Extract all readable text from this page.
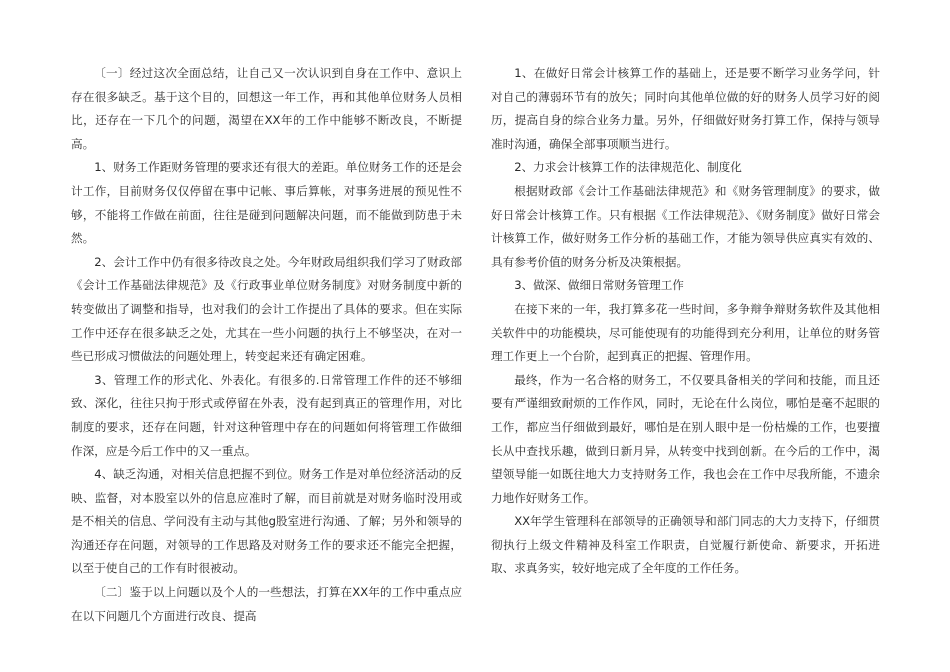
〔一〕经过这次全面总结，让自己又一次认识到自身在工作中、意识上存在很多缺乏。基于这个目的，回想这一年工作，再和其他单位财务人员相比，还存在一下几个的问题，渴望在XX年的工作中能够不断改良，不断提高。

1、财务工作距财务管理的要求还有很大的差距。单位财务工作的还是会计工作，目前财务仅仅停留在事中记帐、事后算帐，对事务进展的预见性不够，不能将工作做在前面，往往是碰到问题解决问题，而不能做到防患于未然。

2、会计工作中仍有很多待改良之处。今年财政局组织我们学习了财政部《会计工作基础法律规范》及《行政事业单位财务制度》对财务制度中新的转变做出了调整和指导，也对我们的会计工作提出了具体的要求。但在实际工作中还存在很多缺乏之处，尤其在一些小问题的执行上不够坚决，在对一些已形成习惯做法的问题处理上，转变起来还有确定困难。

3、管理工作的形式化、外表化。有很多的.日常管理工作件的还不够细致、深化，往往只拘于形式或停留在外表，没有起到真正的管理作用，对比制度的要求，还存在问题，针对这种管理中存在的问题如何将管理工作做细作深，应是今后工作中的又一重点。

4、缺乏沟通，对相关信息把握不到位。财务工作是对单位经济活动的反映、监督，对本股室以外的信息应准时了解，而目前就是对财务临时没用或是不相关的信息、学问没有主动与其他g股室进行沟通、了解；另外和领导的沟通还存在问题，对领导的工作思路及对财务工作的要求还不能完全把握，以至于使自己的工作有时很被动。

〔二〕鉴于以上问题以及个人的一些想法，打算在XX年的工作中重点应在以下问题几个方面进行改良、提高

1、在做好日常会计核算工作的基础上，还是要不断学习业务学问，针对自己的薄弱环节有的放矢；同时向其他单位做的好的财务人员学习好的阅历，提高自身的综合业务力量。另外，仔细做好财务打算工作，保持与领导准时沟通，确保全部事项顺当进行。

2、力求会计核算工作的法律规范化、制度化

根据财政部《会计工作基础法律规范》和《财务管理制度》的要求，做好日常会计核算工作。只有根据《工作法律规范》、《财务制度》做好日常会计核算工作，做好财务工作分析的基础工作，才能为领导供应真实有效的、具有参考价值的财务分析及决策根据。

3、做深、做细日常财务管理工作

在接下来的一年，我打算多花一些时间，多争辩争辩财务软件及其他相关软件中的功能模块，尽可能使现有的功能得到充分利用，让单位的财务管理工作更上一个台阶，起到真正的把握、管理作用。

最终，作为一名合格的财务工，不仅要具备相关的学问和技能，而且还要有严谨细致耐烦的工作作风，同时，无论在什么岗位，哪怕是毫不起眼的工作，都应当仔细做到最好，哪怕是在别人眼中是一份枯燥的工作，也要擅长从中查找乐趣，做到日新月异，从转变中找到创新。在今后的工作中，渴望领导能一如既往地大力支持财务工作，我也会在工作中尽我所能，不遗余力地作好财务工作。

XX年学生管理科在部领导的正确领导和部门同志的大力支持下，仔细贯彻执行上级文件精神及科室工作职责，自觉履行新使命、新要求，开拓进取、求真务实，较好地完成了全年度的工作任务。
